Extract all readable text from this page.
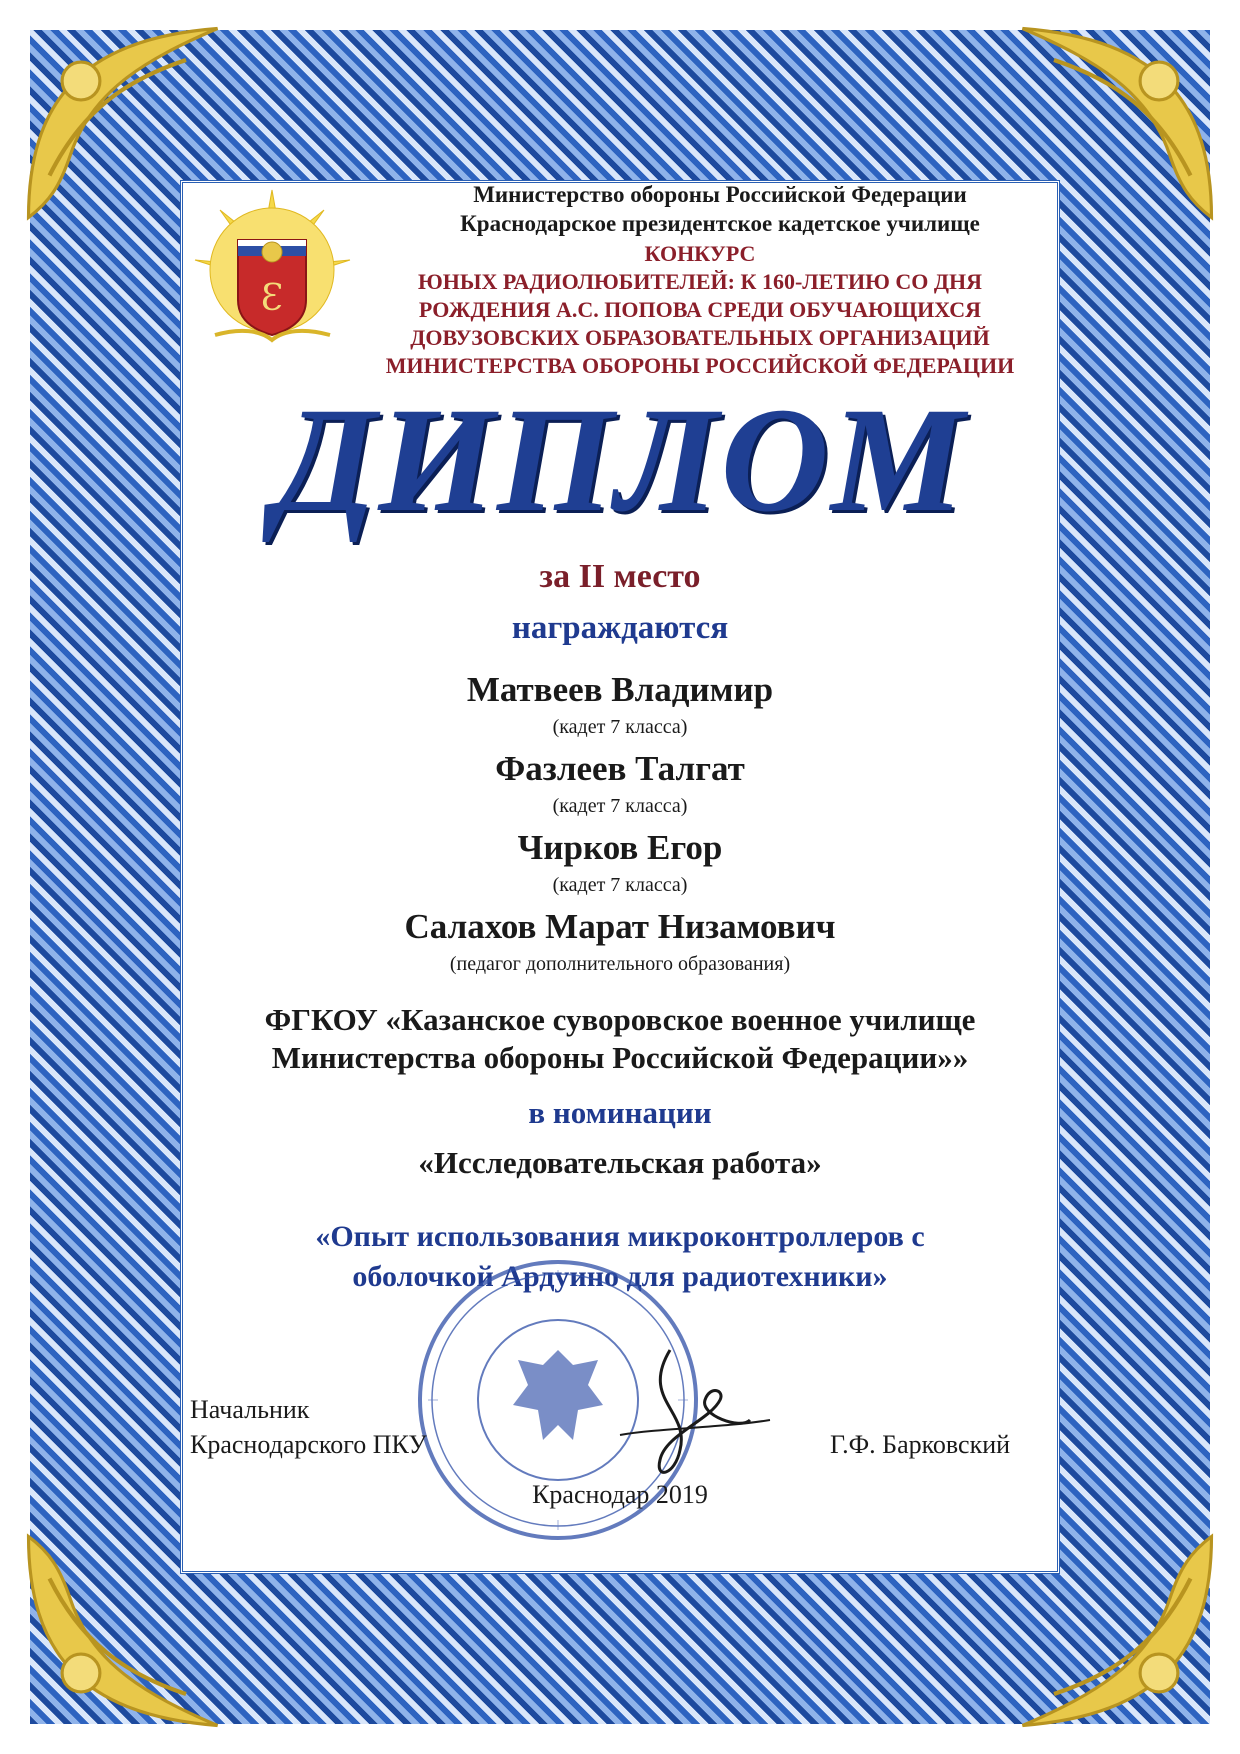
Ɛ
Министерство обороны Российской Федерации
Краснодарское президентское кадетское училище
КОНКУРС
ЮНЫХ РАДИОЛЮБИТЕЛЕЙ: К 160-ЛЕТИЮ СО ДНЯ
РОЖДЕНИЯ А.С. ПОПОВА СРЕДИ ОБУЧАЮЩИХСЯ
ДОВУЗОВСКИХ ОБРАЗОВАТЕЛЬНЫХ ОРГАНИЗАЦИЙ
МИНИСТЕРСТВА ОБОРОНЫ РОССИЙСКОЙ ФЕДЕРАЦИИ
ДИПЛОМ
за II место
награждаются
Матвеев Владимир
(кадет 7 класса)
Фазлеев Талгат
(кадет 7 класса)
Чирков Егор
(кадет 7 класса)
Салахов Марат Низамович
(педагог дополнительного образования)
ФГКОУ «Казанское суворовское военное училище
Министерства обороны Российской Федерации»»
в номинации
«Исследовательская работа»
«Опыт использования микроконтроллеров с
оболочкой Ардуино для радиотехники»
Начальник
Краснодарского ПКУ	Г.Ф. Барковский
Краснодар 2019
